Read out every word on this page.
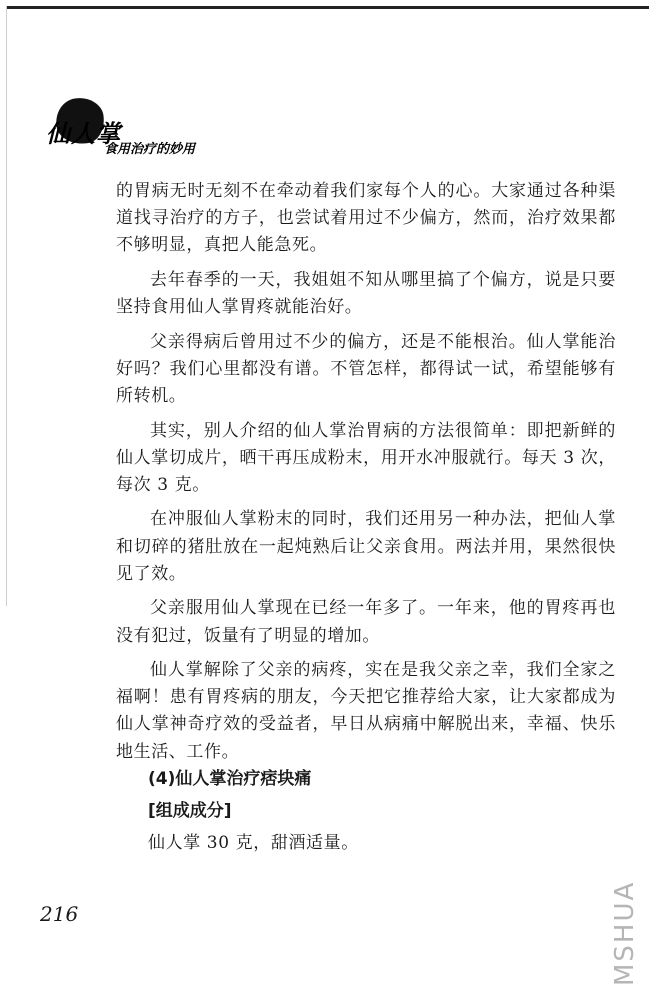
仙人掌
食用治疗的妙用

的胃病无时无刻不在牵动着我们家每个人的心。大家通过各种渠道找寻治疗的方子，也尝试着用过不少偏方，然而，治疗效果都不够明显，真把人能急死。

去年春季的一天，我姐姐不知从哪里搞了个偏方，说是只要坚持食用仙人掌胃疼就能治好。

父亲得病后曾用过不少的偏方，还是不能根治。仙人掌能治好吗？我们心里都没有谱。不管怎样，都得试一试，希望能够有所转机。

其实，别人介绍的仙人掌治胃病的方法很简单：即把新鲜的仙人掌切成片，晒干再压成粉末，用开水冲服就行。每天 3 次，每次 3 克。

在冲服仙人掌粉末的同时，我们还用另一种办法，把仙人掌和切碎的猪肚放在一起炖熟后让父亲食用。两法并用，果然很快见了效。

父亲服用仙人掌现在已经一年多了。一年来，他的胃疼再也没有犯过，饭量有了明显的增加。

仙人掌解除了父亲的病疼，实在是我父亲之幸，我们全家之福啊！患有胃疼病的朋友，今天把它推荐给大家，让大家都成为仙人掌神奇疗效的受益者，早日从病痛中解脱出来，幸福、快乐地生活、工作。

(4)仙人掌治疗痞块痛
[组成成分]
仙人掌 30 克，甜酒适量。
216	MSHUA
